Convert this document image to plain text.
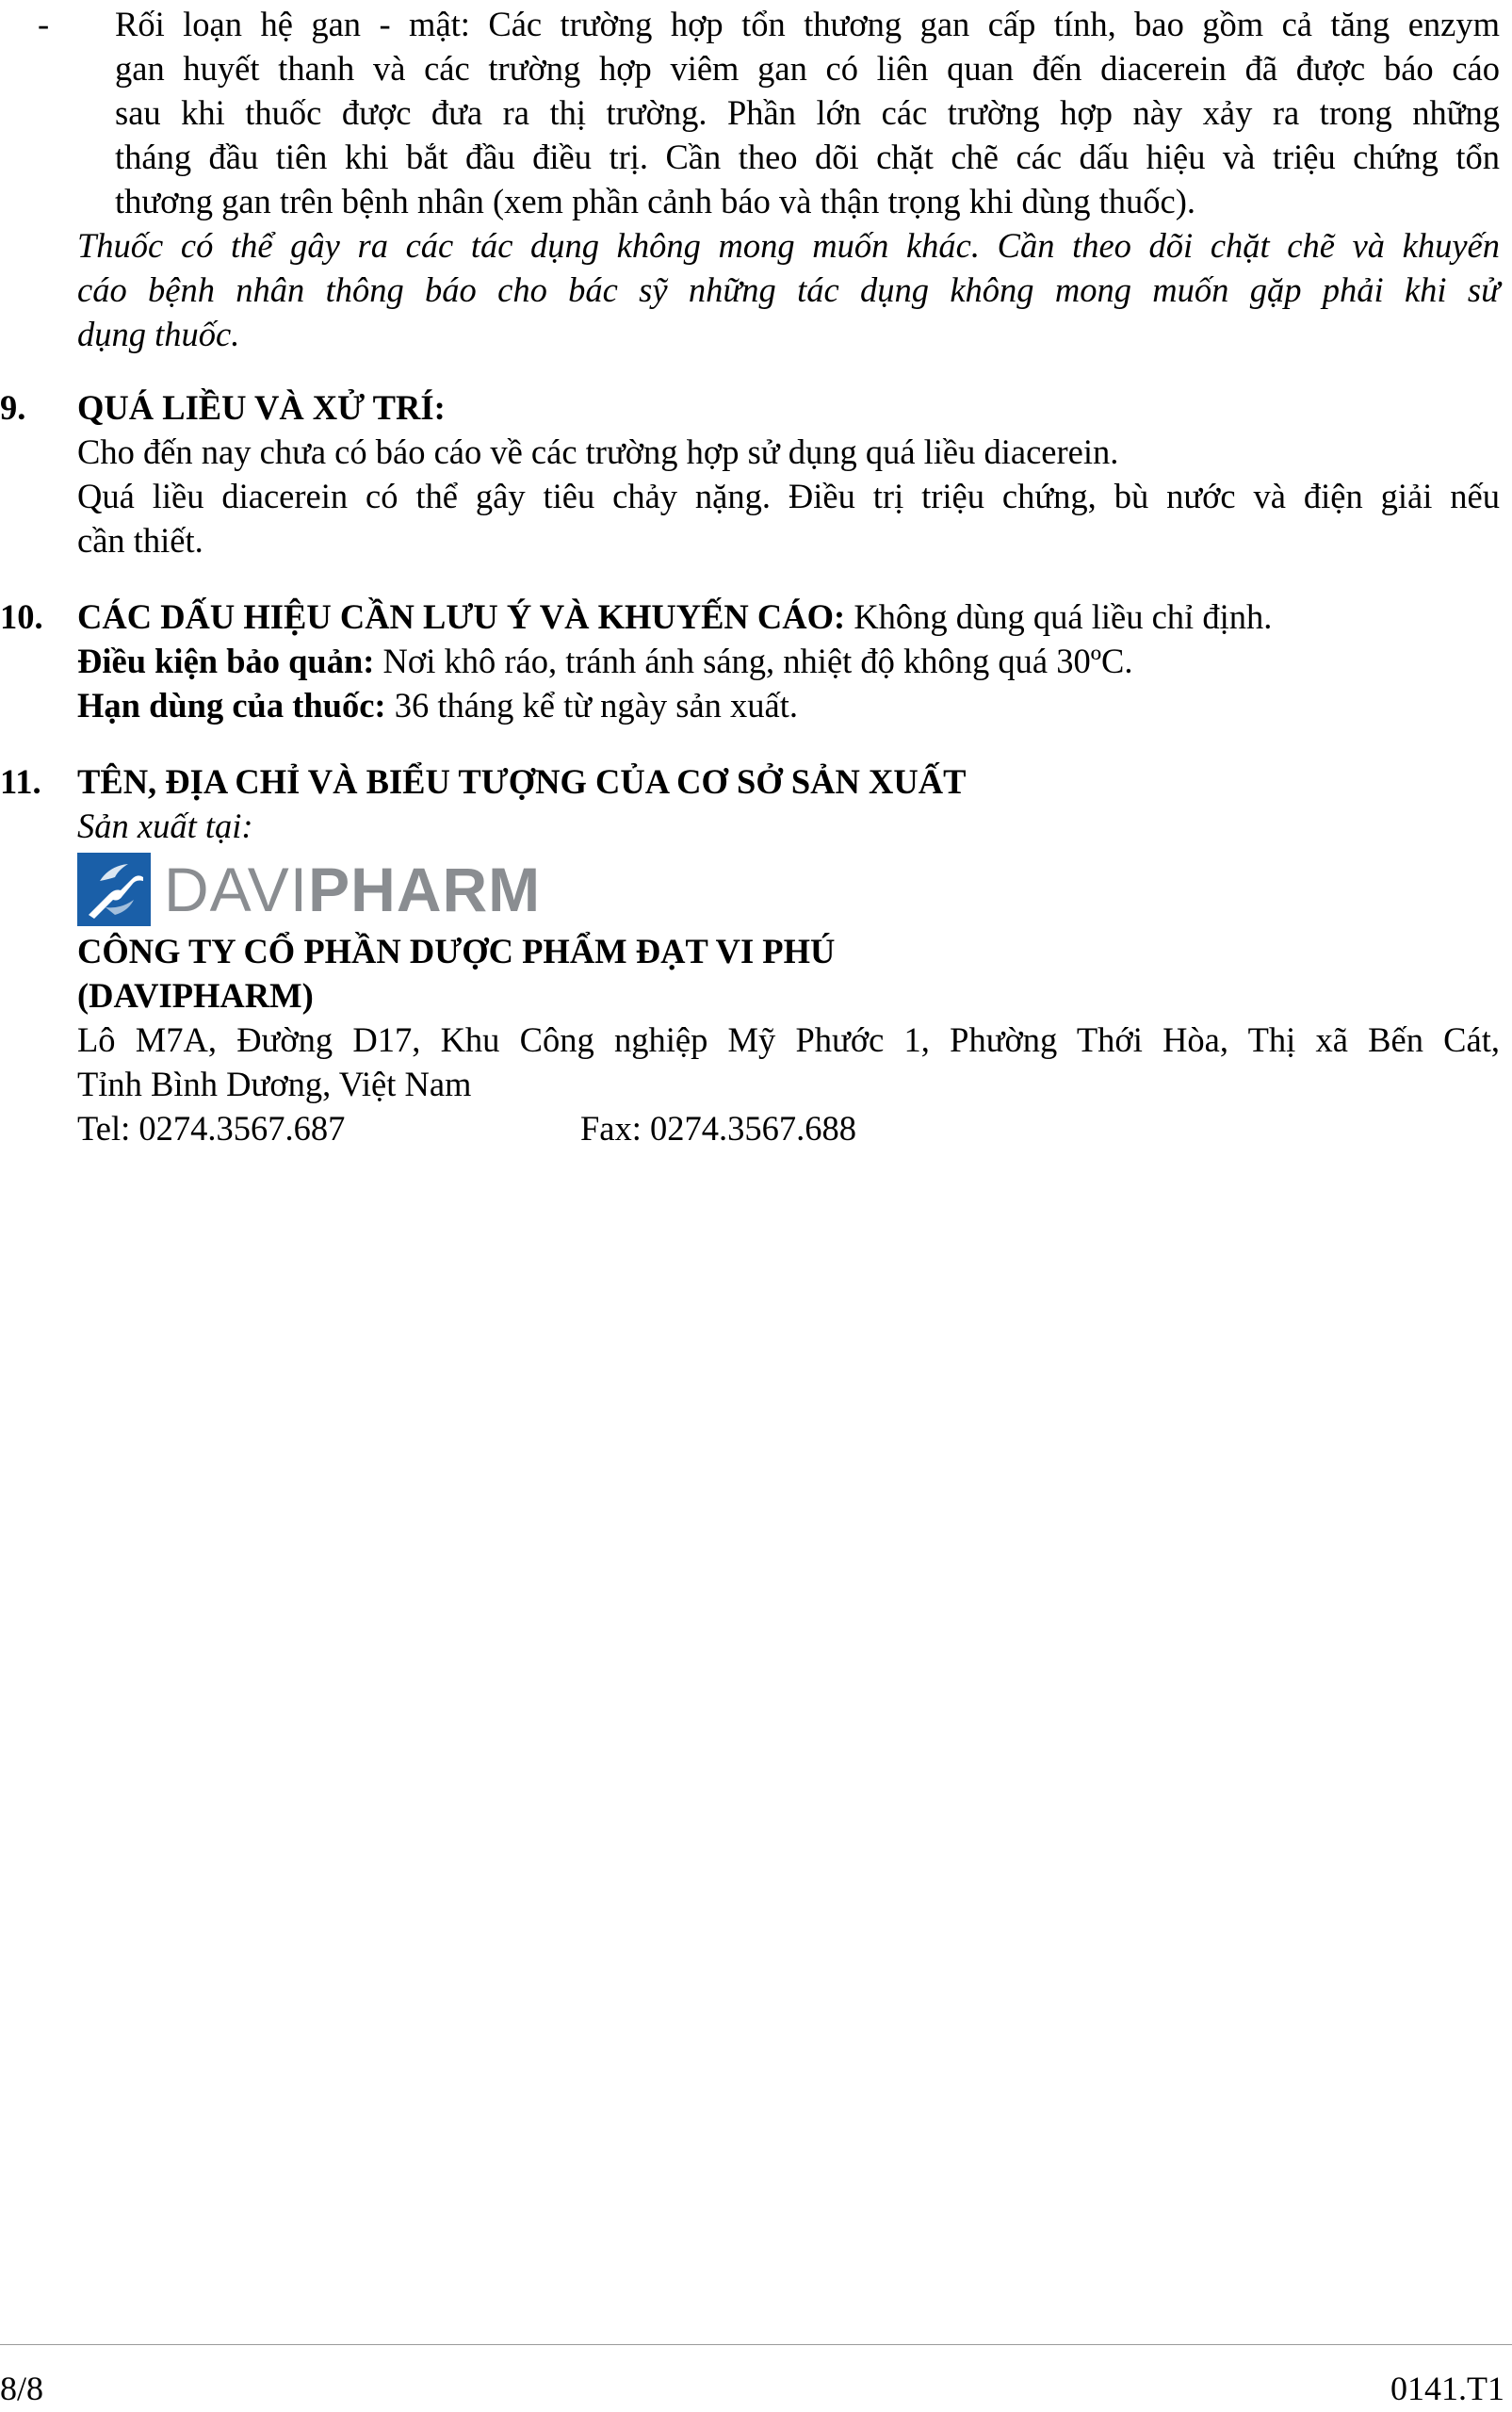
- Rối loạn hệ gan - mật: Các trường hợp tổn thương gan cấp tính, bao gồm cả tăng enzym
gan huyết thanh và các trường hợp viêm gan có liên quan đến diacerein đã được báo cáo
sau khi thuốc được đưa ra thị trường. Phần lớn các trường hợp này xảy ra trong những
tháng đầu tiên khi bắt đầu điều trị. Cần theo dõi chặt chẽ các dấu hiệu và triệu chứng tổn
thương gan trên bệnh nhân (xem phần cảnh báo và thận trọng khi dùng thuốc).
Thuốc có thể gây ra các tác dụng không mong muốn khác. Cần theo dõi chặt chẽ và khuyến
cáo bệnh nhân thông báo cho bác sỹ những tác dụng không mong muốn gặp phải khi sử
dụng thuốc.
9. QUÁ LIỀU VÀ XỬ TRÍ:
Cho đến nay chưa có báo cáo về các trường hợp sử dụng quá liều diacerein.
Quá liều diacerein có thể gây tiêu chảy nặng. Điều trị triệu chứng, bù nước và điện giải nếu
cần thiết.
10. CÁC DẤU HIỆU CẦN LƯU Ý VÀ KHUYẾN CÁO: Không dùng quá liều chỉ định.
Điều kiện bảo quản: Nơi khô ráo, tránh ánh sáng, nhiệt độ không quá 30ºC.
Hạn dùng của thuốc: 36 tháng kể từ ngày sản xuất.
11. TÊN, ĐỊA CHỈ VÀ BIỂU TƯỢNG CỦA CƠ SỞ SẢN XUẤT
Sản xuất tại:
DAVIPHARM
CÔNG TY CỔ PHẦN DƯỢC PHẨM ĐẠT VI PHÚ
(DAVIPHARM)
Lô M7A, Đường D17, Khu Công nghiệp Mỹ Phước 1, Phường Thới Hòa, Thị xã Bến Cát,
Tỉnh Bình Dương, Việt Nam
Tel: 0274.3567.687	Fax: 0274.3567.688
8/8	0141.T1
